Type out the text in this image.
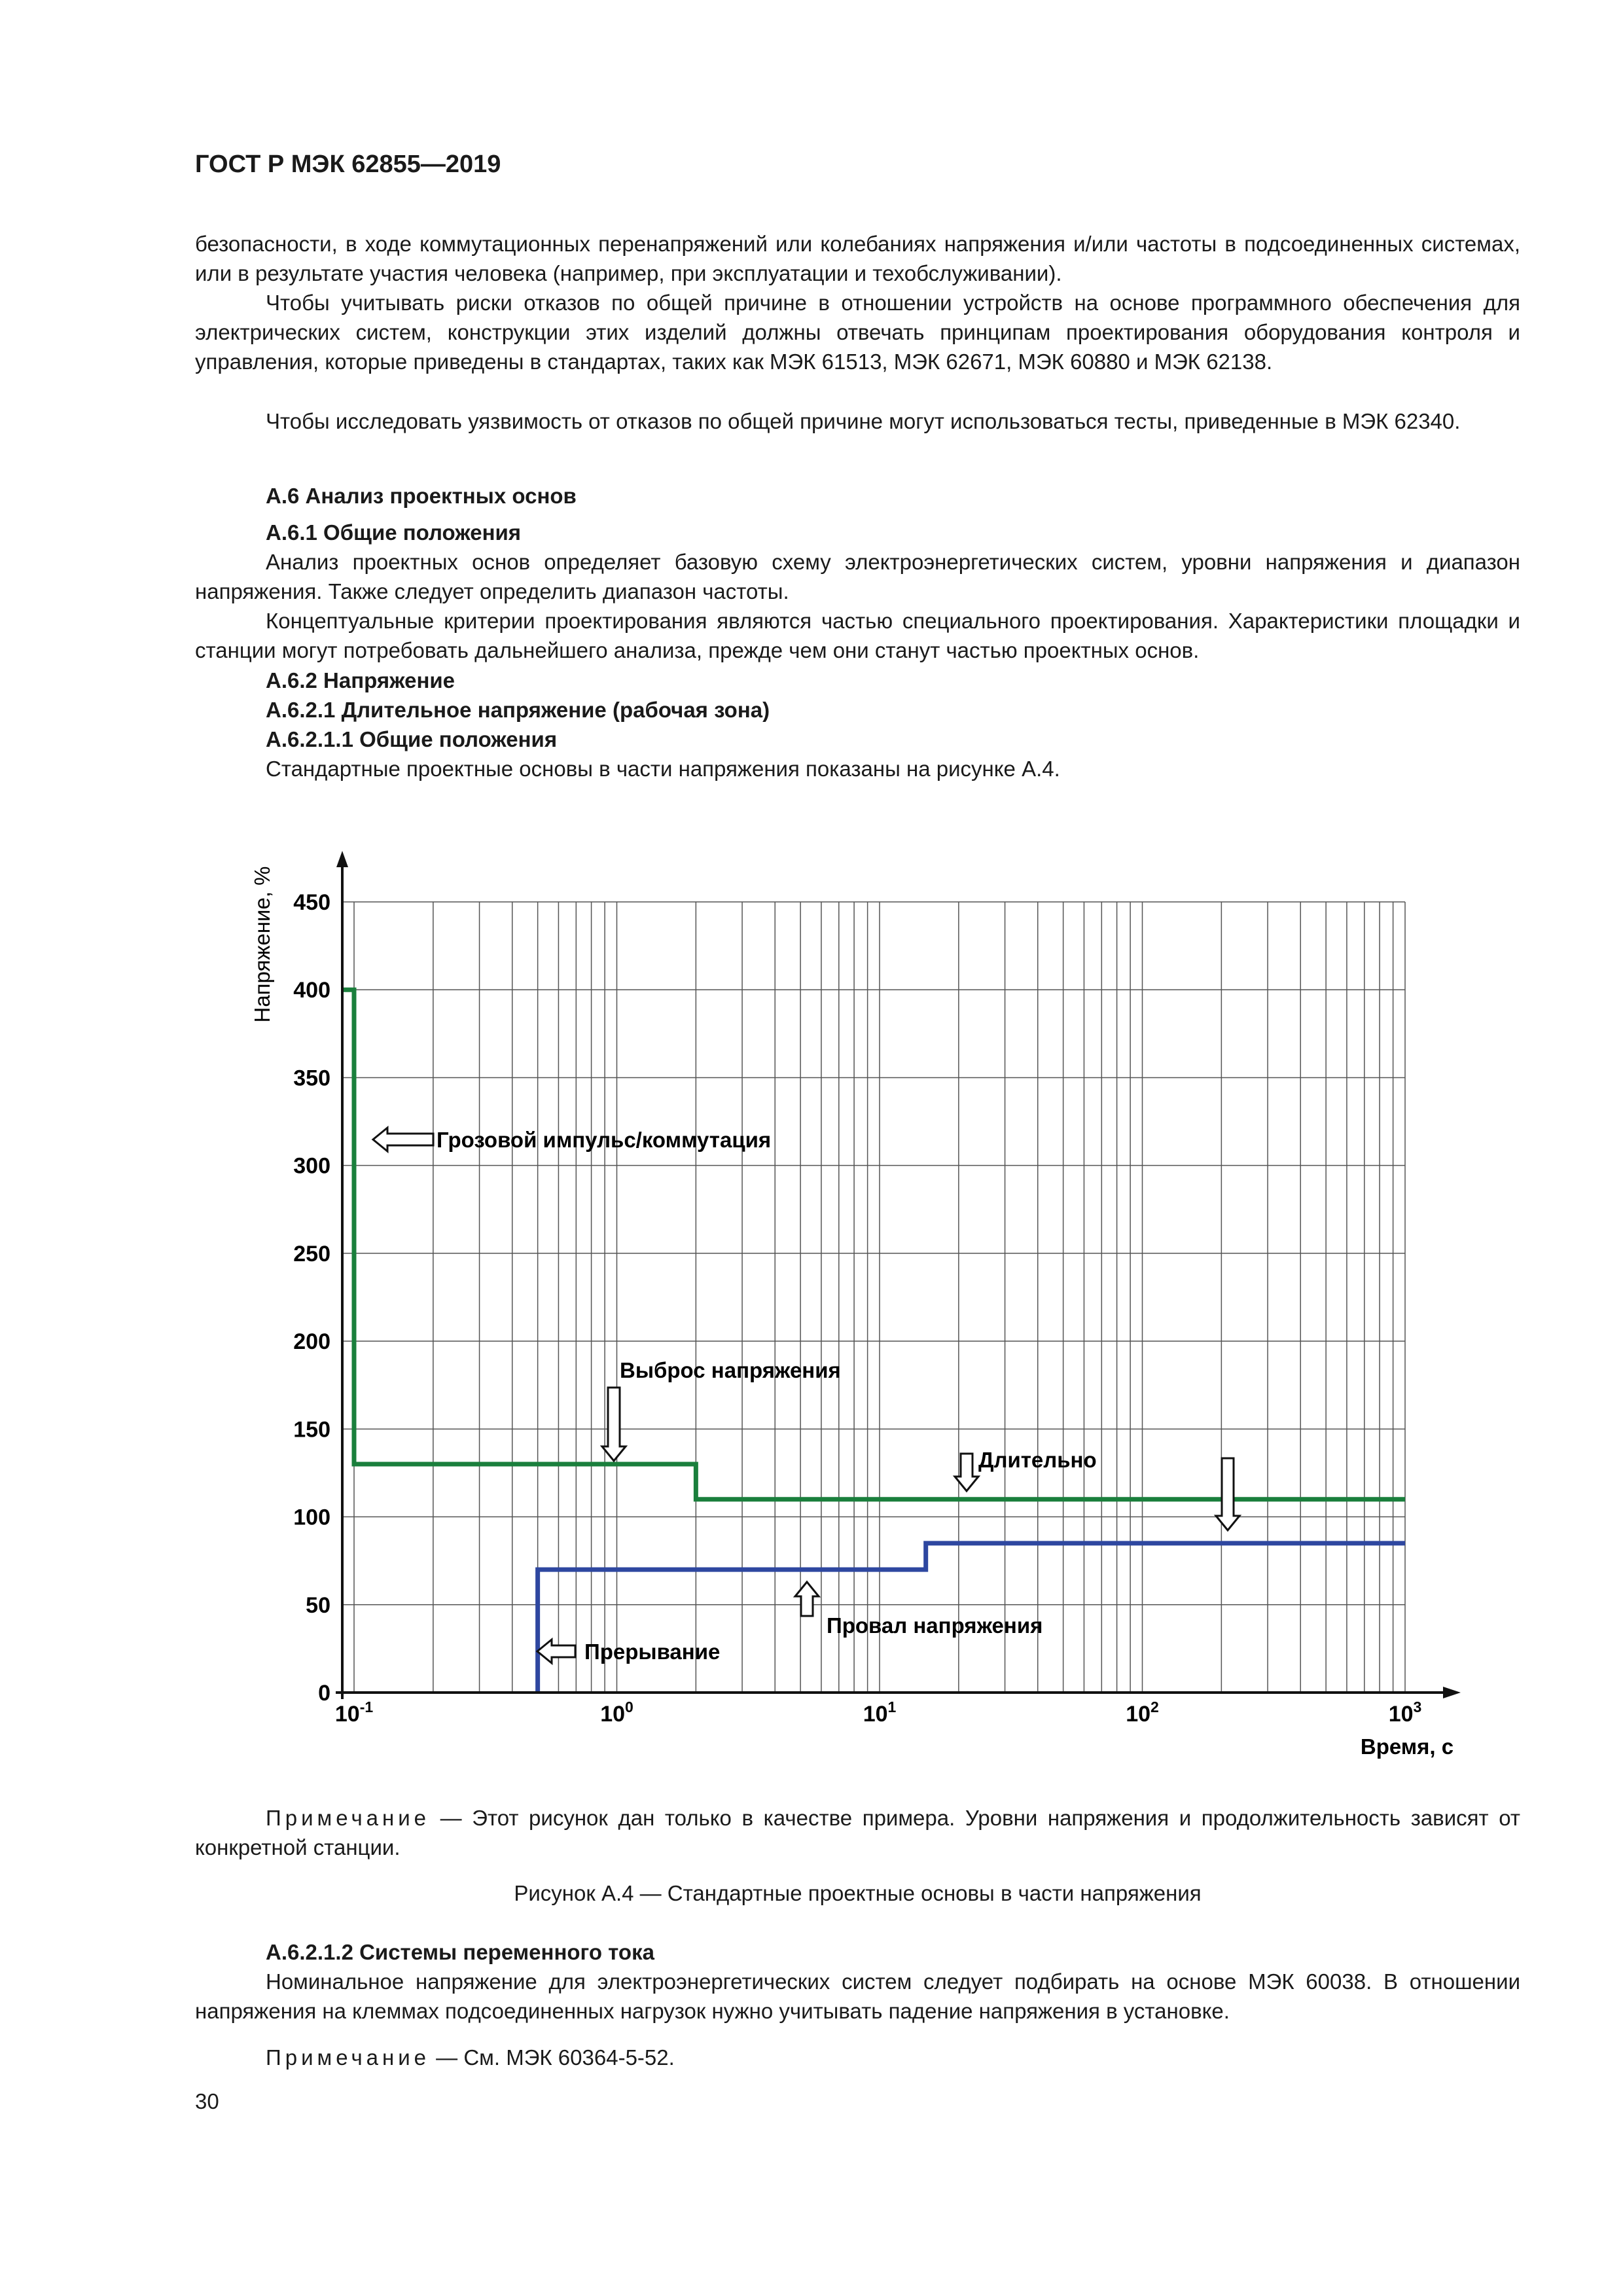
ГОСТ Р МЭК 62855—2019
безопасности, в ходе коммутационных перенапряжений или колебаниях напряжения и/или частоты в подсоединенных системах, или в результате участия человека (например, при эксплуатации и техобслуживании).
Чтобы учитывать риски отказов по общей причине в отношении устройств на основе программного обеспечения для электрических систем, конструкции этих изделий должны отвечать принципам проектирования оборудования контроля и управления, которые приведены в стандартах, таких как МЭК 61513, МЭК 62671, МЭК 60880 и МЭК 62138.
Чтобы исследовать уязвимость от отказов по общей причине могут использоваться тесты, приведенные в МЭК 62340.
А.6 Анализ проектных основ
А.6.1 Общие положения
Анализ проектных основ определяет базовую схему электроэнергетических систем, уровни напряжения и диапазон напряжения. Также следует определить диапазон частоты.
Концептуальные критерии проектирования являются частью специального проектирования. Характеристики площадки и станции могут потребовать дальнейшего анализа, прежде чем они станут частью проектных основ.
А.6.2 Напряжение
А.6.2.1 Длительное напряжение (рабочая зона)
А.6.2.1.1 Общие положения
Стандартные проектные основы в части напряжения показаны на рисунке А.4.
0
50
100
150
200
250
300
350
400
450
$10^{-1}$	$10^0$	$10^1$	$10^2$	$10^3$
Грозовой импульс/коммутация
Выброс напряжения
Длительно
Провал напряжения
Прерывание
Напряжение, %
Время, с
Примечание — Этот рисунок дан только в качестве примера. Уровни напряжения и продолжительность зависят от конкретной станции.
Рисунок А.4 — Стандартные проектные основы в части напряжения
А.6.2.1.2 Системы переменного тока
Номинальное напряжение для электроэнергетических систем следует подбирать на основе МЭК 60038. В отношении напряжения на клеммах подсоединенных нагрузок нужно учитывать падение напряжения в установке.
Примечание — См. МЭК 60364-5-52.
30
